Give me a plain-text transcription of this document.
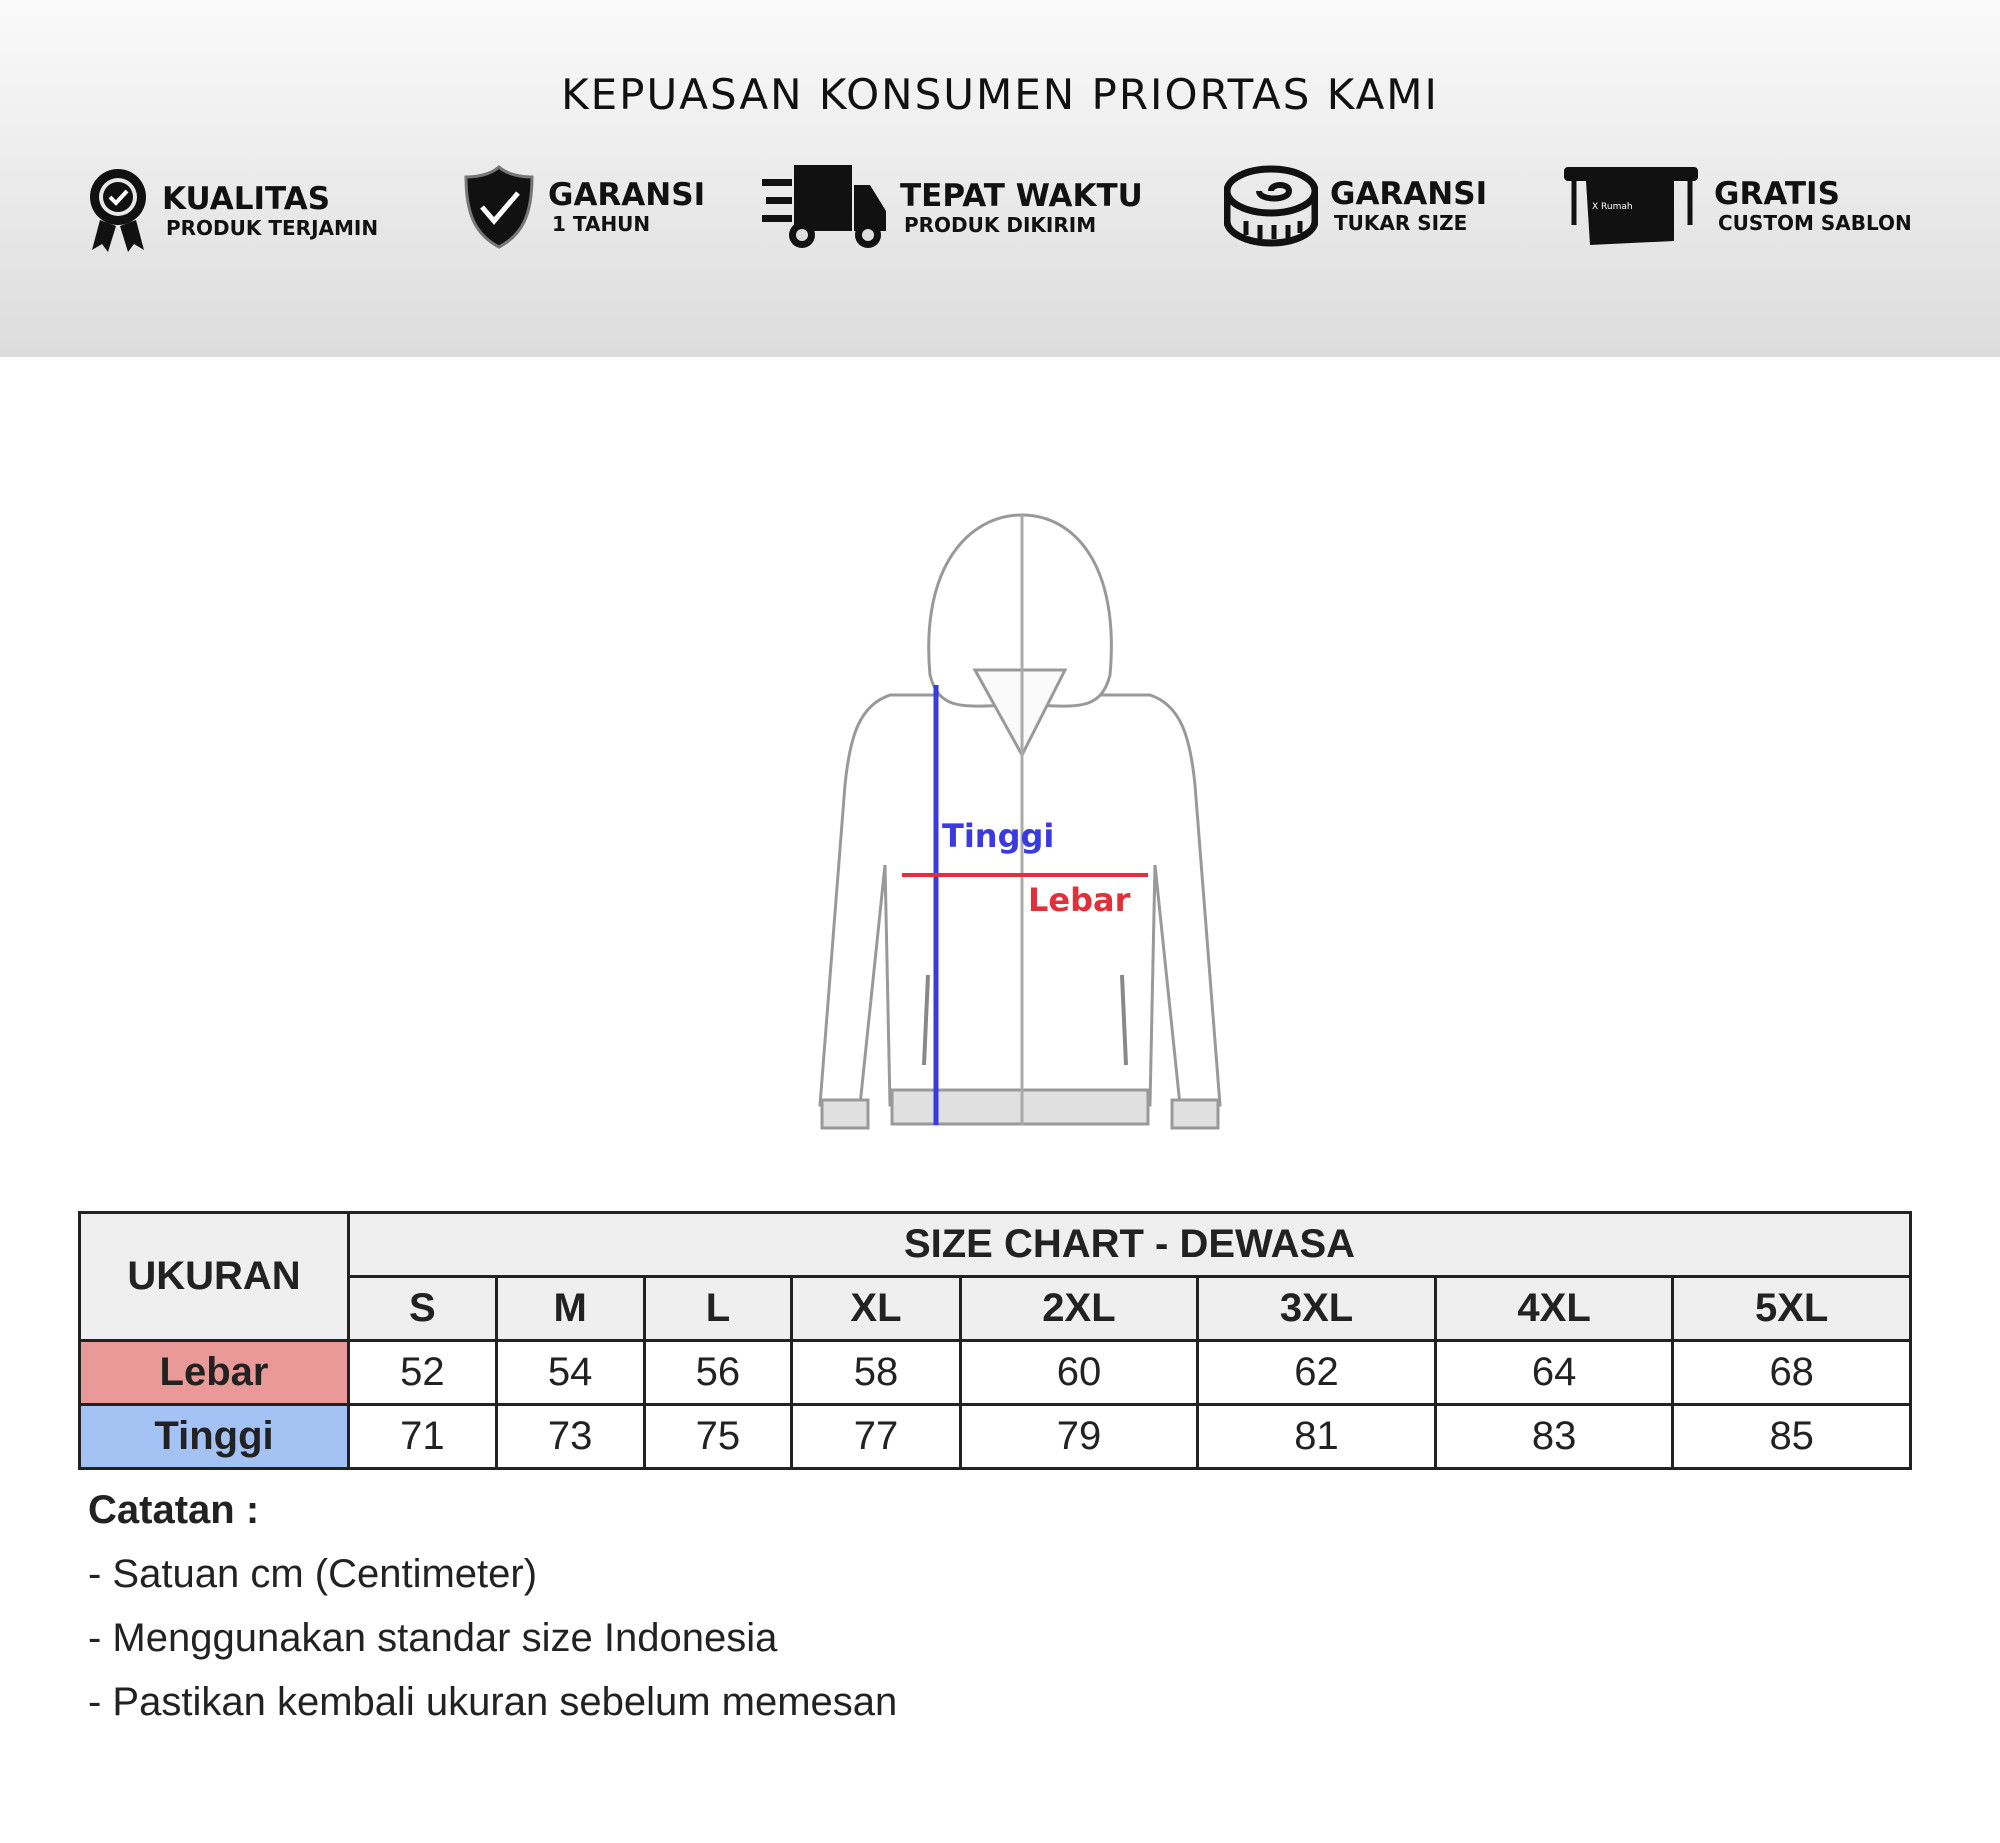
KEPUASAN KONSUMEN PRIORTAS KAMI
KUALITAS
PRODUK TERJAMIN
GARANSI
1 TAHUN
TEPAT WAKTU
PRODUK DIKIRIM
GARANSI
TUKAR SIZE
X Rumah	GRATIS
CUSTOM SABLON
Tinggi
Lebar
UKURAN	SIZE CHART - DEWASA							
	S	M	L	XL	2XL	3XL	4XL	5XL
Lebar	52	54	56	58	60	62	64	68
Tinggi	71	73	75	77	79	81	83	85
Catatan :
- Satuan cm (Centimeter)
- Menggunakan standar size Indonesia
- Pastikan kembali ukuran sebelum memesan
